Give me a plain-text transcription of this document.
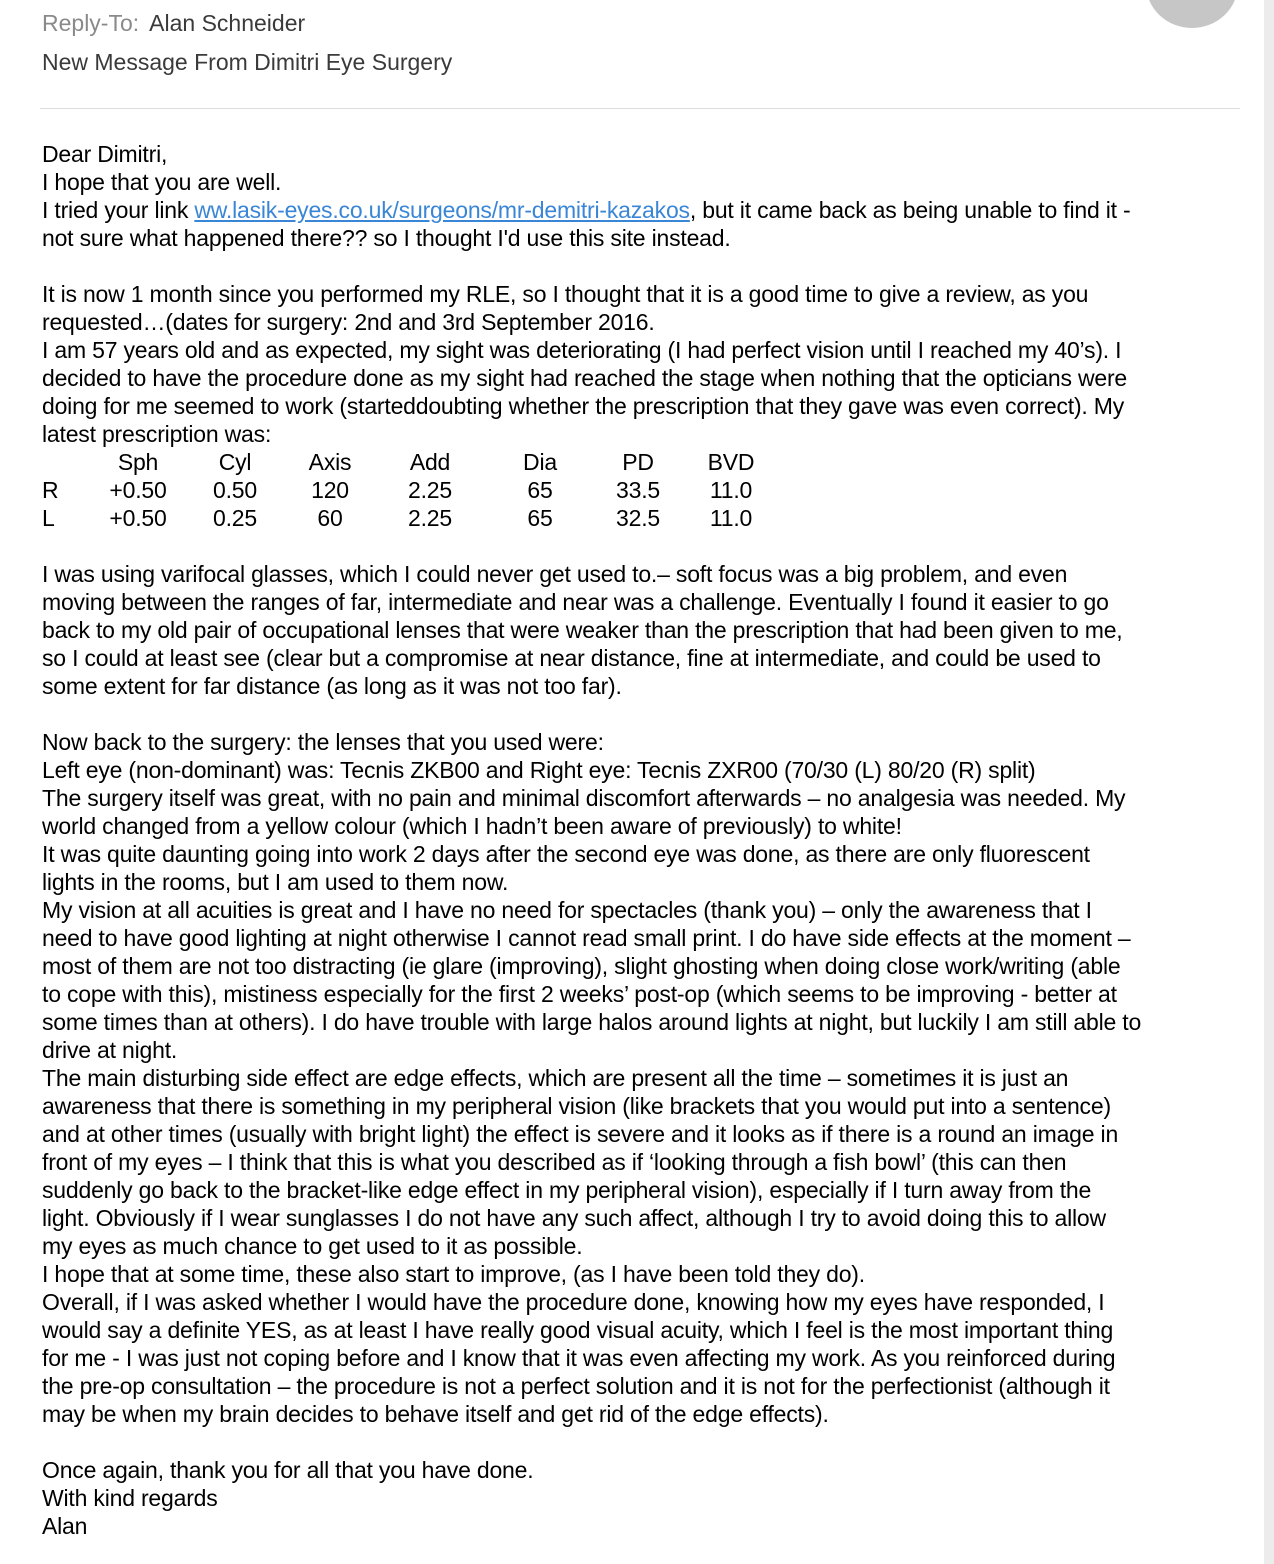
Reply-To: Alan Schneider
New Message From Dimitri Eye Surgery
Dear Dimitri,
I hope that you are well.
I tried your link ww.lasik-eyes.co.uk/surgeons/mr-demitri-kazakos, but it came back as being unable to find it -
not sure what happened there?? so I thought I'd use this site instead.
It is now 1 month since you performed my RLE, so I thought that it is a good time to give a review, as you
requested…(dates for surgery: 2nd and 3rd September 2016.
I am 57 years old and as expected, my sight was deteriorating (I had perfect vision until I reached my 40’s). I
decided to have the procedure done as my sight had reached the stage when nothing that the opticians were
doing for me seemed to work (starteddoubting whether the prescription that they gave was even correct). My
latest prescription was:
	Sph	Cyl	Axis	Add	Dia	PD	BVD
R	+0.50	0.50	120	2.25	65	33.5	11.0
L	+0.50	0.25	60	2.25	65	32.5	11.0
I was using varifocal glasses, which I could never get used to.– soft focus was a big problem, and even
moving between the ranges of far, intermediate and near was a challenge. Eventually I found it easier to go
back to my old pair of occupational lenses that were weaker than the prescription that had been given to me,
so I could at least see (clear but a compromise at near distance, fine at intermediate, and could be used to
some extent for far distance (as long as it was not too far).
Now back to the surgery: the lenses that you used were:
Left eye (non-dominant) was: Tecnis ZKB00 and Right eye: Tecnis ZXR00 (70/30 (L) 80/20 (R) split)
The surgery itself was great, with no pain and minimal discomfort afterwards – no analgesia was needed. My
world changed from a yellow colour (which I hadn’t been aware of previously) to white!
It was quite daunting going into work 2 days after the second eye was done, as there are only fluorescent
lights in the rooms, but I am used to them now.
My vision at all acuities is great and I have no need for spectacles (thank you) – only the awareness that I
need to have good lighting at night otherwise I cannot read small print. I do have side effects at the moment –
most of them are not too distracting (ie glare (improving), slight ghosting when doing close work/writing (able
to cope with this), mistiness especially for the first 2 weeks’ post-op (which seems to be improving - better at
some times than at others). I do have trouble with large halos around lights at night, but luckily I am still able to
drive at night.
The main disturbing side effect are edge effects, which are present all the time – sometimes it is just an
awareness that there is something in my peripheral vision (like brackets that you would put into a sentence)
and at other times (usually with bright light) the effect is severe and it looks as if there is a round an image in
front of my eyes – I think that this is what you described as if ‘looking through a fish bowl’ (this can then
suddenly go back to the bracket-like edge effect in my peripheral vision), especially if I turn away from the
light. Obviously if I wear sunglasses I do not have any such affect, although I try to avoid doing this to allow
my eyes as much chance to get used to it as possible.
I hope that at some time, these also start to improve, (as I have been told they do).
Overall, if I was asked whether I would have the procedure done, knowing how my eyes have responded, I
would say a definite YES, as at least I have really good visual acuity, which I feel is the most important thing
for me - I was just not coping before and I know that it was even affecting my work. As you reinforced during
the pre-op consultation – the procedure is not a perfect solution and it is not for the perfectionist (although it
may be when my brain decides to behave itself and get rid of the edge effects).
Once again, thank you for all that you have done.
With kind regards
Alan
